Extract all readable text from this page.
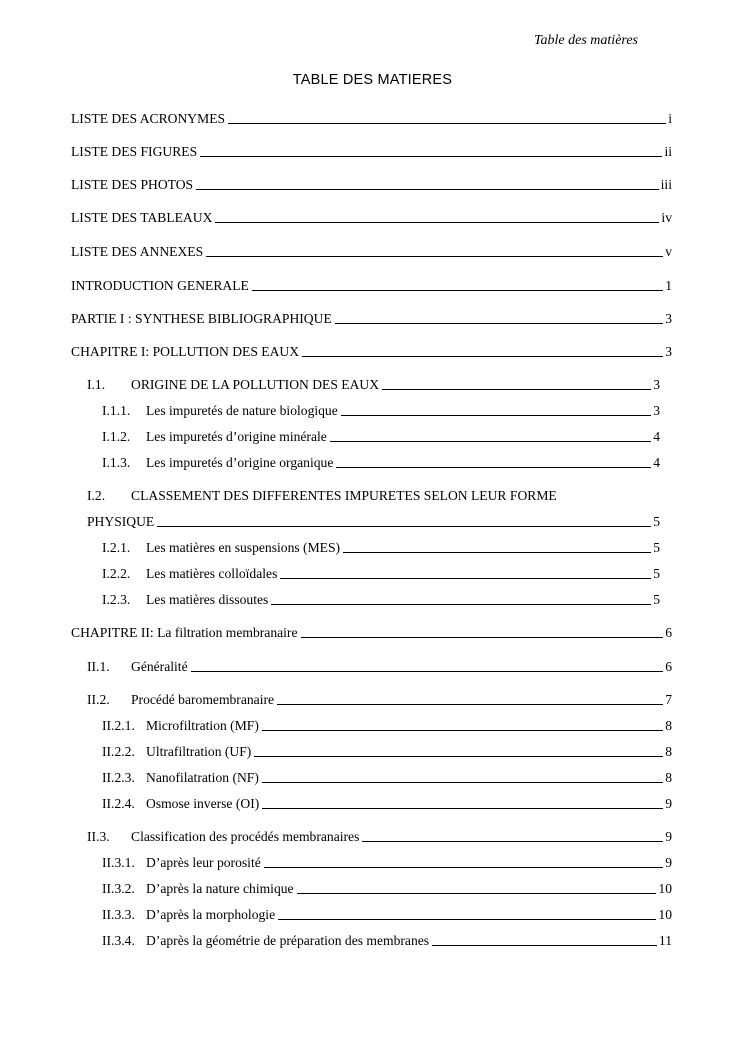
Table des matières
TABLE DES MATIERES
LISTE DES ACRONYMES	i
LISTE DES FIGURES	ii
LISTE DES PHOTOS	iii
LISTE DES TABLEAUX	iv
LISTE DES ANNEXES	v
INTRODUCTION GENERALE	1
PARTIE I : SYNTHESE BIBLIOGRAPHIQUE	3
CHAPITRE I: POLLUTION DES EAUX	3
I.1.	ORIGINE DE LA POLLUTION DES EAUX	3
I.1.1.	Les impuretés de nature biologique	3
I.1.2.	Les impuretés d’origine minérale	4
I.1.3.	Les impuretés d’origine organique	4
I.2. CLASSEMENT DES DIFFERENTES IMPURETES SELON LEUR FORME
PHYSIQUE	5
I.2.1.	Les matières en suspensions (MES)	5
I.2.2.	Les matières colloïdales	5
I.2.3.	Les matières dissoutes	5
CHAPITRE II: La filtration membranaire	6
II.1.	Généralité	6
II.2.	Procédé baromembranaire	7
II.2.1. Microfiltration (MF)	8
II.2.2. Ultrafiltration (UF)	8
II.2.3. Nanofilatration (NF)	8
II.2.4. Osmose inverse (OI)	9
II.3.	Classification des procédés membranaires	9
II.3.1. D’après leur porosité	9
II.3.2. D’après la nature chimique	10
II.3.3. D’après la morphologie	10
II.3.4. D’après la géométrie de préparation des membranes	11
